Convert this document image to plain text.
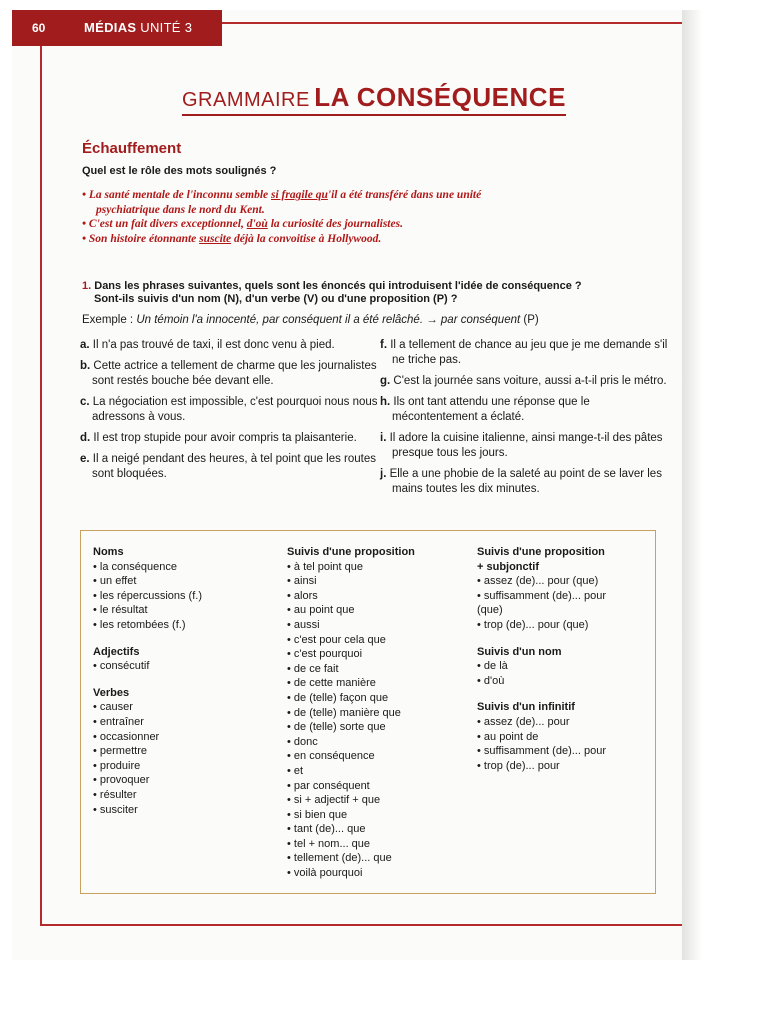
60	MÉDIAS UNITÉ 3
GRAMMAIRE LA CONSÉQUENCE
Échauffement
Quel est le rôle des mots soulignés ?
• La santé mentale de l'inconnu semble si fragile qu'il a été transféré dans une unité
psychiatrique dans le nord du Kent.
• C'est un fait divers exceptionnel, d'où la curiosité des journalistes.
• Son histoire étonnante suscite déjà la convoitise à Hollywood.
1. Dans les phrases suivantes, quels sont les énoncés qui introduisent l'idée de conséquence ?
Sont-ils suivis d'un nom (N), d'un verbe (V) ou d'une proposition (P) ?
Exemple : Un témoin l'a innocenté, par conséquent il a été relâché. → par conséquent (P)
a. Il n'a pas trouvé de taxi, il est donc venu à pied.
b. Cette actrice a tellement de charme que les journalistes sont restés bouche bée devant elle.
c. La négociation est impossible, c'est pourquoi nous nous adressons à vous.
d. Il est trop stupide pour avoir compris ta plaisanterie.
e. Il a neigé pendant des heures, à tel point que les routes sont bloquées.
f. Il a tellement de chance au jeu que je me demande s'il ne triche pas.
g. C'est la journée sans voiture, aussi a-t-il pris le métro.
h. Ils ont tant attendu une réponse que le mécontentement a éclaté.
i. Il adore la cuisine italienne, ainsi mange-t-il des pâtes presque tous les jours.
j. Elle a une phobie de la saleté au point de se laver les mains toutes les dix minutes.
Noms
• la conséquence
• un effet
• les répercussions (f.)
• le résultat
• les retombées (f.)
Adjectifs
• consécutif
Verbes
• causer
• entraîner
• occasionner
• permettre
• produire
• provoquer
• résulter
• susciter
Suivis d'une proposition
• à tel point que
• ainsi
• alors
• au point que
• aussi
• c'est pour cela que
• c'est pourquoi
• de ce fait
• de cette manière
• de (telle) façon que
• de (telle) manière que
• de (telle) sorte que
• donc
• en conséquence
• et
• par conséquent
• si + adjectif + que
• si bien que
• tant (de)... que
• tel + nom... que
• tellement (de)... que
• voilà pourquoi
Suivis d'une proposition
+ subjonctif
• assez (de)... pour (que)
• suffisamment (de)... pour
(que)
• trop (de)... pour (que)
Suivis d'un nom
• de là
• d'où
Suivis d'un infinitif
• assez (de)... pour
• au point de
• suffisamment (de)... pour
• trop (de)... pour
